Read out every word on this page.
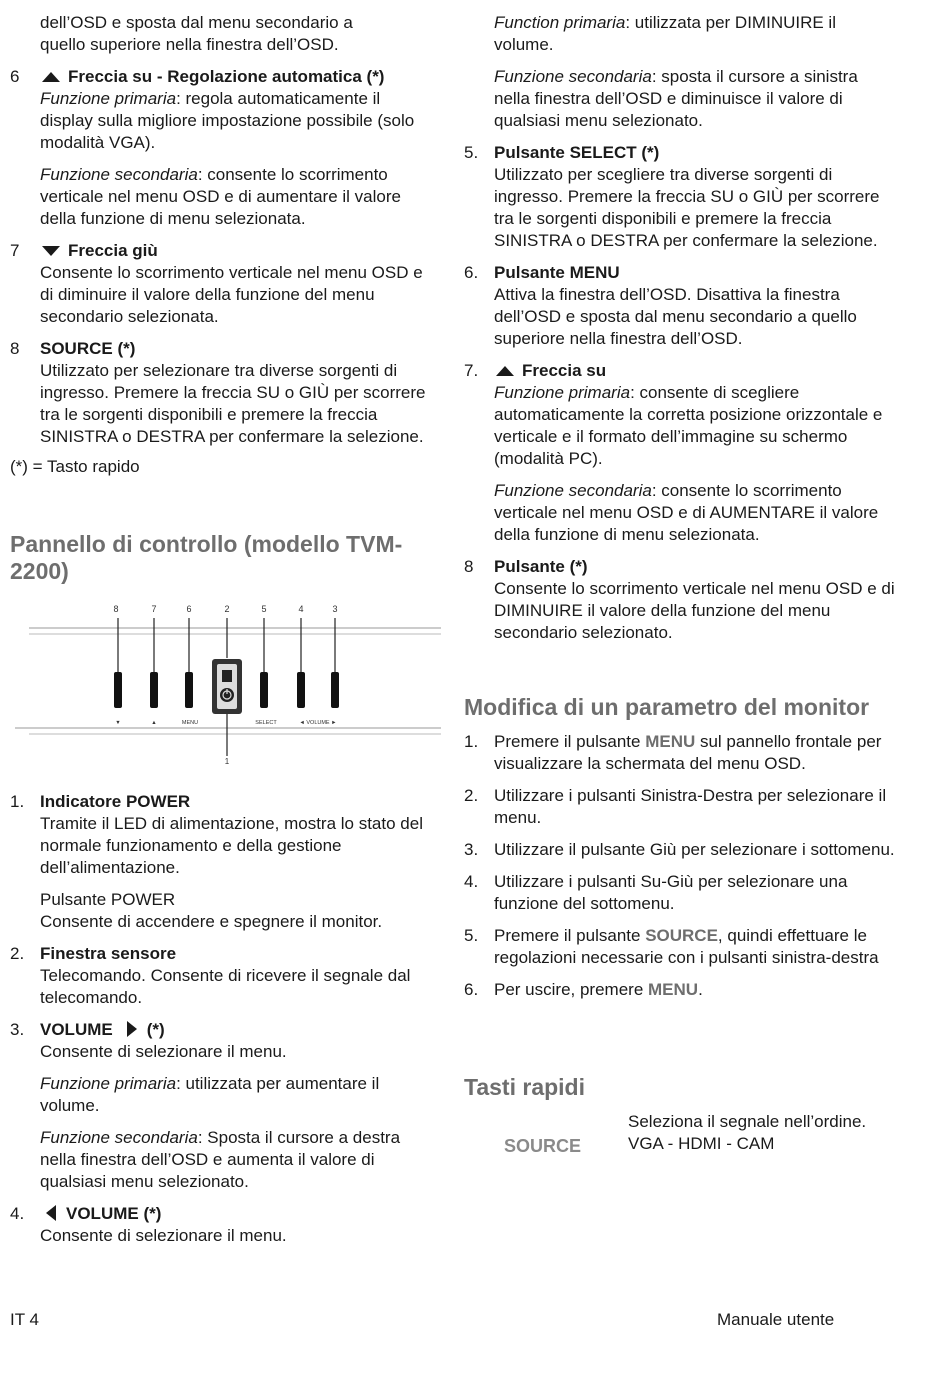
dell’OSD e sposta dal menu secondario a

quello superiore nella finestra dell’OSD.

6	Freccia su - Regolazione automatica (*)

Funzione primaria: regola automaticamente il display sulla migliore impostazione possibile (solo modalità VGA).

Funzione secondaria: consente lo scorrimento verticale nel menu OSD e di aumentare il valore della funzione di menu selezionata.

7	Freccia giù

Consente lo scorrimento verticale nel menu OSD e di diminuire il valore della funzione del menu secondario selezionata.

8 SOURCE (*)

Utilizzato per selezionare tra diverse sorgenti di ingresso. Premere la freccia SU o GIÙ per scorrere tra le sorgenti disponibili e premere la freccia SINISTRA o DESTRA per confermare la selezione.

(*) = Tasto rapido

Pannello di controllo (modello TVM-2200)
8	7	6	2	5	4	3
▼	▲	MENU	SELECT	◄ VOLUME ►
1
1. Indicatore POWER

Tramite il LED di alimentazione, mostra lo stato del normale funzionamento e della gestione dell’alimentazione.

Pulsante POWER

Consente di accendere e spegnere il monitor.

2. Finestra sensore

Telecomando. Consente di ricevere il segnale dal telecomando.

3. VOLUME (*)

Consente di selezionare il menu.

Funzione primaria: utilizzata per aumentare il volume.

Funzione secondaria: Sposta il cursore a destra nella finestra dell’OSD e aumenta il valore di qualsiasi menu selezionato.

4.	VOLUME (*)

Consente di selezionare il menu.

Function primaria: utilizzata per DIMINUIRE il volume.

Funzione secondaria: sposta il cursore a sinistra nella finestra dell’OSD e diminuisce il valore di qualsiasi menu selezionato.

5. Pulsante SELECT (*)

Utilizzato per scegliere tra diverse sorgenti di ingresso. Premere la freccia SU o GIÙ per scorrere tra le sorgenti disponibili e premere la freccia SINISTRA o DESTRA per confermare la selezione.

6. Pulsante MENU

Attiva la finestra dell’OSD. Disattiva la finestra dell’OSD e sposta dal menu secondario a quello superiore nella finestra dell’OSD.

7.	Freccia su

Funzione primaria: consente di scegliere automaticamente la corretta posizione orizzontale e verticale e il formato dell’immagine su schermo (modalità PC).

Funzione secondaria: consente lo scorrimento verticale nel menu OSD e di AUMENTARE il valore della funzione di menu selezionata.

8 Pulsante (*)

Consente lo scorrimento verticale nel menu OSD e di DIMINUIRE il valore della funzione del menu secondario selezionato.

Modifica di un parametro del monitor
1. Premere il pulsante MENU sul pannello frontale per visualizzare la schermata del menu OSD.

2. Utilizzare i pulsanti Sinistra-Destra per selezionare il menu.

3. Utilizzare il pulsante Giù per selezionare i sottomenu.

4. Utilizzare i pulsanti Su-Giù per selezionare una funzione del sottomenu.

5. Premere il pulsante SOURCE, quindi effettuare le regolazioni necessarie con i pulsanti sinistra-destra

6. Per uscire, premere MENU.

Tasti rapidi
SOURCE

Seleziona il segnale nell’ordine. VGA - HDMI - CAM

IT 4	Manuale utente
